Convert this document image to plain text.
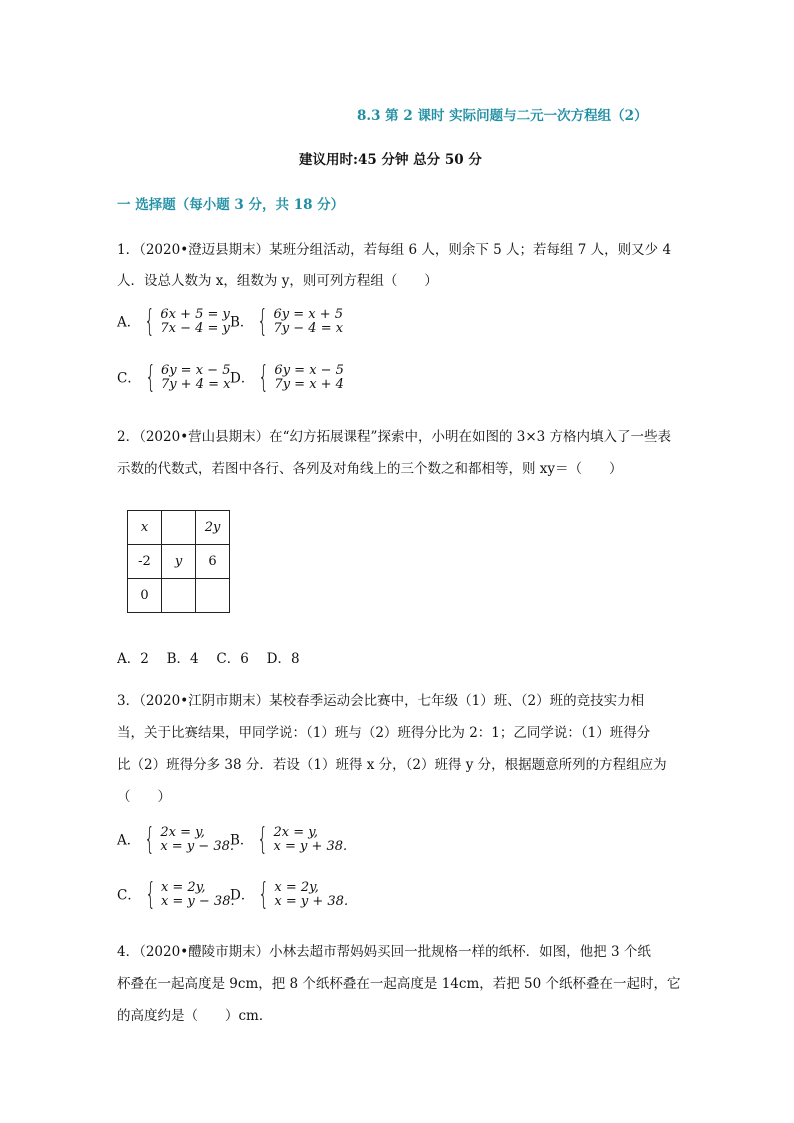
8.3 第 2 课时 实际问题与二元一次方程组（2）
建议用时:45 分钟 总分 50 分
一 选择题（每小题 3 分，共 18 分）
1．（2020•澄迈县期末）某班分组活动，若每组 6 人，则余下 5 人；若每组 7 人，则又少 4
人．设总人数为 x，组数为 y，则可列方程组（　　）
A． { 6x + 5 = y
7x − 4 = y B． { 6y = x + 5
7y − 4 = x
C． { 6y = x − 5
7y + 4 = x D． { 6y = x − 5
7y = x + 4
2．（2020•营山县期末）在“幻方拓展课程”探索中，小明在如图的 3×3 方格内填入了一些表
示数的代数式，若图中各行、各列及对角线上的三个数之和都相等，则 xy＝（　　）
x		2y
-2	y	6
0		
A．2　 B．4　 C．6　 D．8
3．（2020•江阴市期末）某校春季运动会比赛中，七年级（1）班、（2）班的竞技实力相
当，关于比赛结果，甲同学说：（1）班与（2）班得分比为 2：1；乙同学说：（1）班得分
比（2）班得分多 38 分．若设（1）班得 x 分，（2）班得 y 分，根据题意所列的方程组应为
（　　）
A． { 2x = y,
x = y − 38.
B． { 2x = y,
x = y + 38.
C． { x = 2y,
x = y − 38.
D． { x = 2y,
x = y + 38.
4．（2020•醴陵市期末）小林去超市帮妈妈买回一批规格一样的纸杯．如图，他把 3 个纸
杯叠在一起高度是 9cm，把 8 个纸杯叠在一起高度是 14cm，若把 50 个纸杯叠在一起时，它
的高度约是（　　）cm．
